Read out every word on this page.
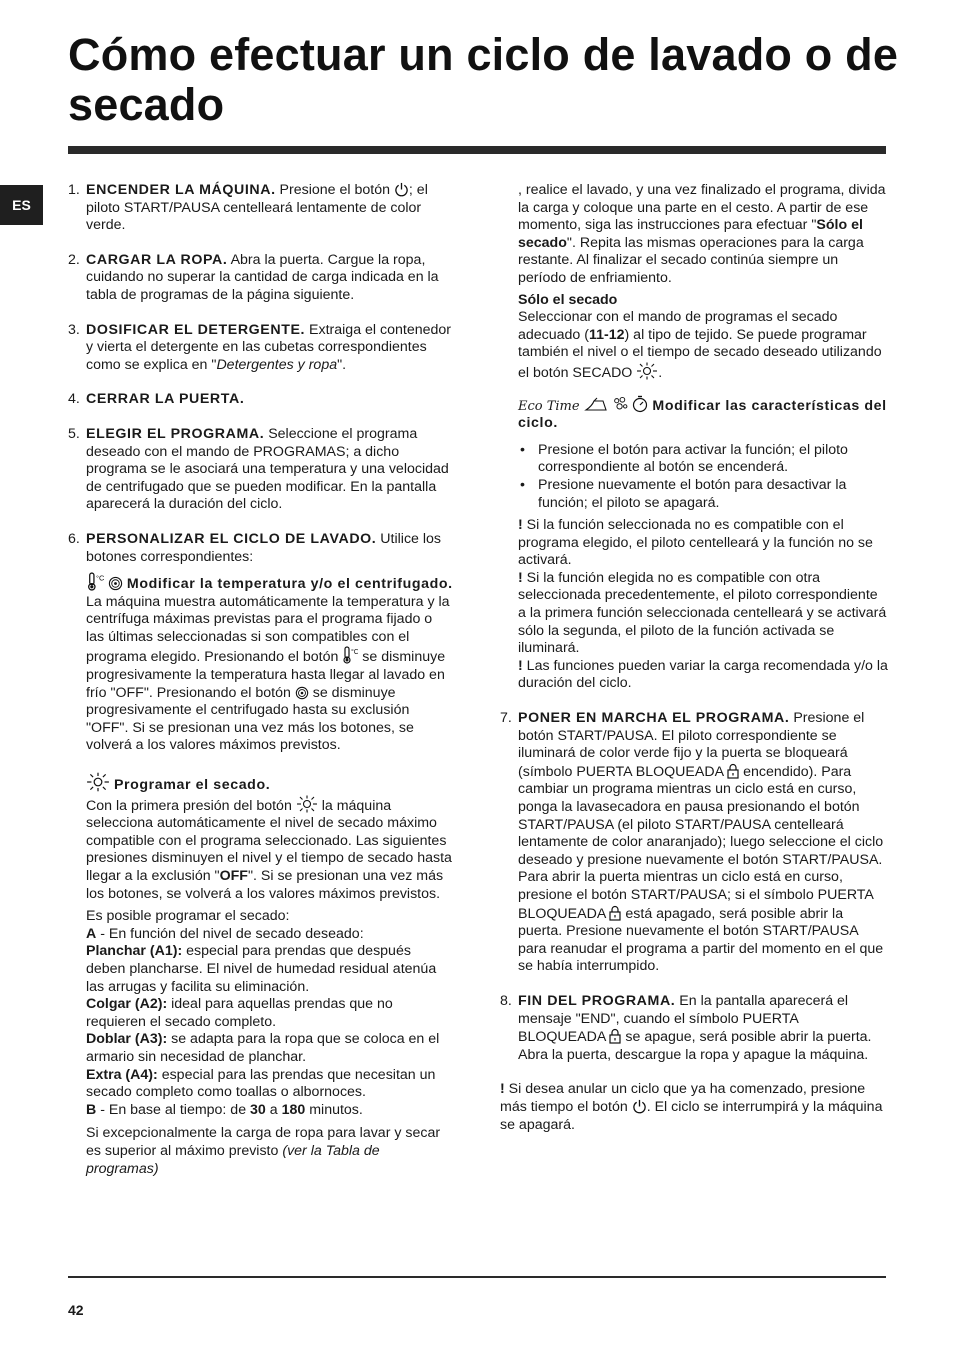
Cómo efectuar un ciclo de lavado o de secado
ES

1. ENCENDER LA MÁQUINA. Presione el botón ; el piloto START/PAUSA centelleará lentamente de color verde.

2. CARGAR LA ROPA. Abra la puerta. Cargue la ropa, cuidando no superar la cantidad de carga indicada en la tabla de programas de la página siguiente.

3. DOSIFICAR EL DETERGENTE. Extraiga el contenedor y vierta el detergente en las cubetas correspondientes como se explica en "Detergentes y ropa".

4. CERRAR LA PUERTA.

5. ELEGIR EL PROGRAMA. Seleccione el programa deseado con el mando de PROGRAMAS; a dicho programa se le asociará una temperatura y una velocidad de centrifugado que se pueden modificar. En la pantalla aparecerá la duración del ciclo.

6. PERSONALIZAR EL CICLO DE LAVADO. Utilice los botones correspondientes:

Modificar la temperatura y/o el centrifugado. La máquina muestra automáticamente la temperatura y la centrífuga máximas previstas para el programa fijado o las últimas seleccionadas si son compatibles con el programa elegido. Presionando el botón  se disminuye progresivamente la temperatura hasta llegar al lavado en frío "OFF". Presionando el botón  se disminuye progresivamente el centrifugado hasta su exclusión "OFF". Si se presionan una vez más los botones, se volverá a los valores máximos previstos.

Programar el secado.

Con la primera presión del botón  la máquina selecciona automáticamente el nivel de secado máximo compatible con el programa seleccionado. Las siguientes presiones disminuyen el nivel y el tiempo de secado hasta llegar a la exclusión "OFF". Si se presionan una vez más los botones, se volverá a los valores máximos previstos.

Es posible programar el secado:

A - En función del nivel de secado deseado:

Planchar (A1): especial para prendas que después deben plancharse. El nivel de humedad residual atenúa las arrugas y facilita su eliminación.

Colgar (A2): ideal para aquellas prendas que no requieren el secado completo.

Doblar (A3): se adapta para la ropa que se coloca en el armario sin necesidad de planchar.

Extra (A4): especial para las prendas que necesitan un secado completo como toallas o albornoces.

B - En base al tiempo: de 30 a 180 minutos.

Si excepcionalmente la carga de ropa para lavar y secar es superior al máximo previsto (ver la Tabla de programas)

, realice el lavado, y una vez finalizado el programa, divida la carga y coloque una parte en el cesto. A partir de ese momento, siga las instrucciones para efectuar "Sólo el secado". Repita las mismas operaciones para la carga restante. Al finalizar el secado continúa siempre un período de enfriamiento.

Sólo el secado

Seleccionar con el mando de programas el secado adecuado (11-12) al tipo de tejido. Se puede programar también el nivel o el tiempo de secado deseado utilizando el botón SECADO .

Eco Time	Modificar las características del ciclo.

• Presione el botón para activar la función; el piloto correspondiente al botón se encenderá.

• Presione nuevamente el botón para desactivar la función; el piloto se apagará.

! Si la función seleccionada no es compatible con el programa elegido, el piloto centelleará y la función no se activará.

! Si la función elegida no es compatible con otra seleccionada precedentemente, el piloto correspondiente a la primera función seleccionada centelleará y se activará sólo la segunda, el piloto de la función activada se iluminará.

! Las funciones pueden variar la carga recomendada y/o la duración del ciclo.

7. PONER EN MARCHA EL PROGRAMA. Presione el botón START/PAUSA. El piloto correspondiente se iluminará de color verde fijo y la puerta se bloqueará (símbolo PUERTA BLOQUEADA  encendido). Para cambiar un programa mientras un ciclo está en curso, ponga la lavasecadora en pausa presionando el botón START/PAUSA (el piloto START/PAUSA centelleará lentamente de color anaranjado); luego seleccione el ciclo deseado y presione nuevamente el botón START/PAUSA.

Para abrir la puerta mientras un ciclo está en curso, presione el botón START/PAUSA; si el símbolo PUERTA BLOQUEADA  está apagado, será posible abrir la puerta. Presione nuevamente el botón START/PAUSA para reanudar el programa a partir del momento en el que se había interrumpido.

8. FIN DEL PROGRAMA. En la pantalla aparecerá el mensaje "END", cuando el símbolo PUERTA BLOQUEADA  se apague, será posible abrir la puerta. Abra la puerta, descargue la ropa y apague la máquina.

! Si desea anular un ciclo que ya ha comenzado, presione más tiempo el botón . El ciclo se interrumpirá y la máquina se apagará.

42
